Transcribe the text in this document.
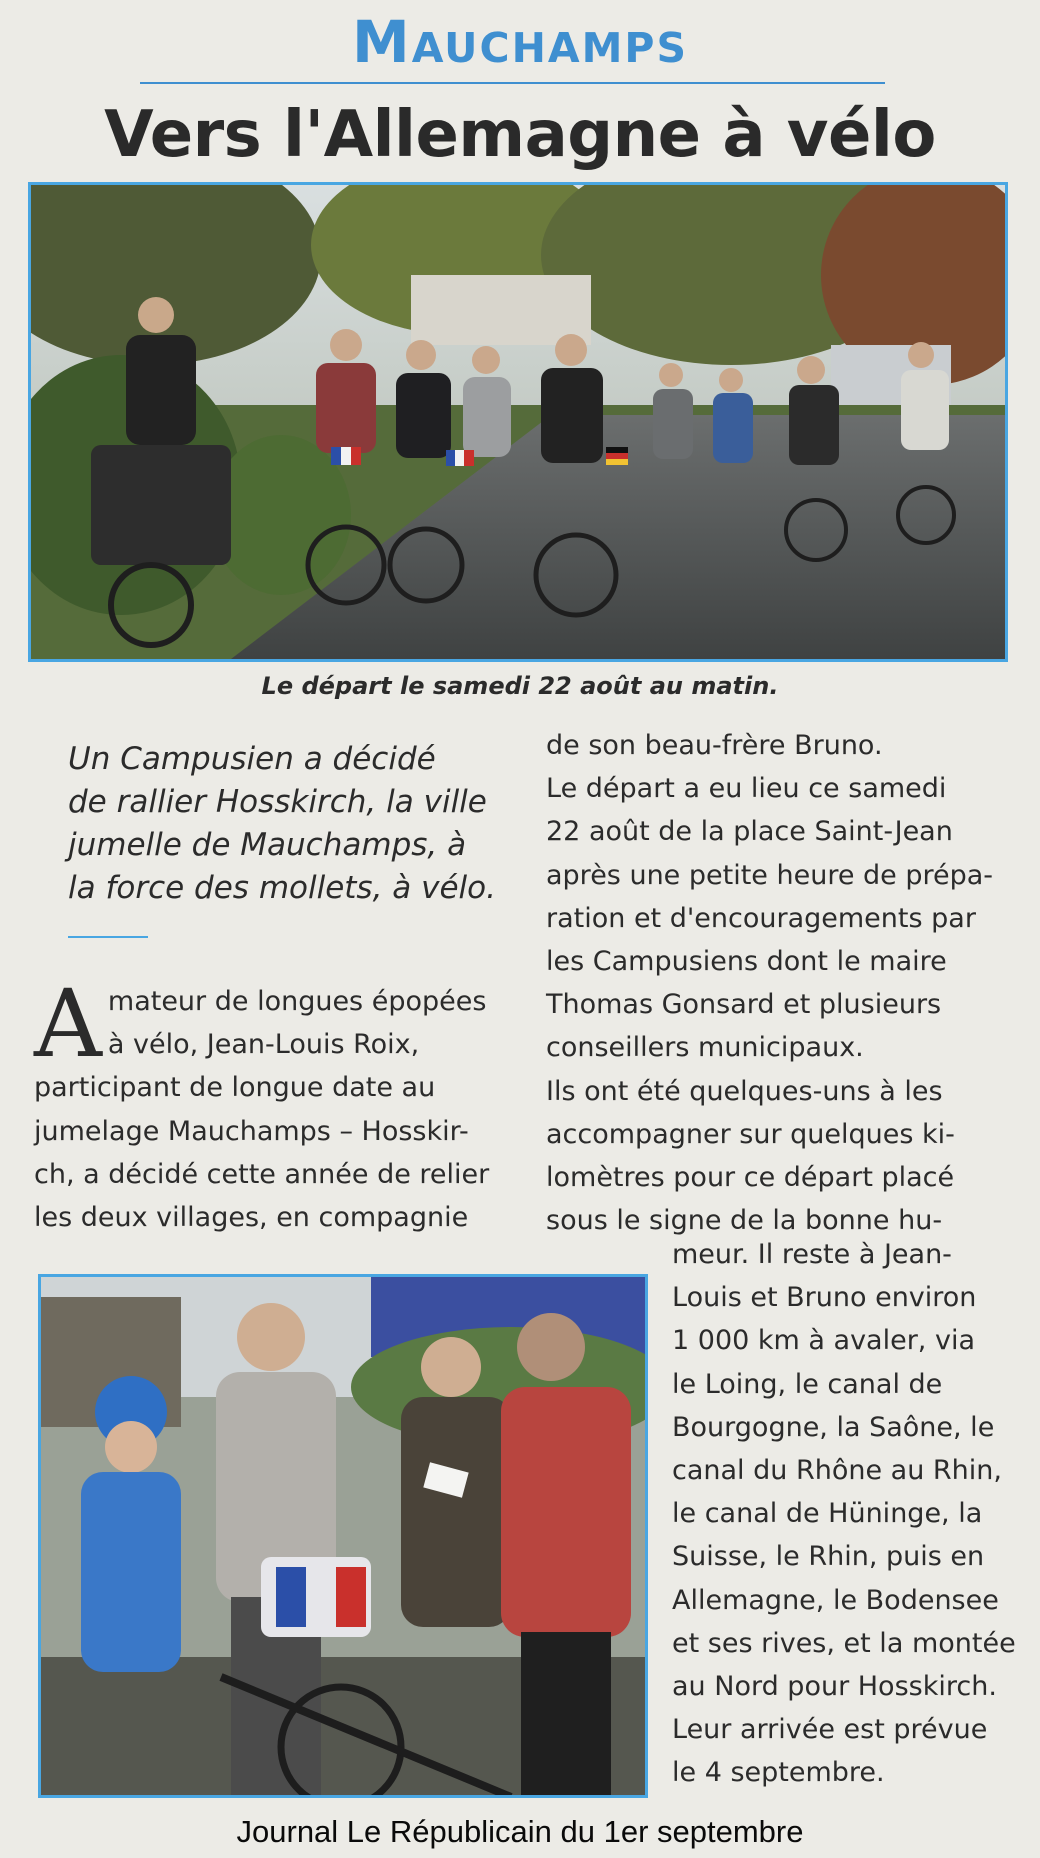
Mauchamps
Vers l'Allemagne à vélo
Le départ le samedi 22 août au matin.
Un Campusien a décidé
de rallier Hosskirch, la ville
jumelle de Mauchamps, à
la force des mollets, à vélo.
A mateur de longues épopées
à vélo, Jean-Louis Roix,
participant de longue date au
jumelage Mauchamps – Hosskir-
ch, a décidé cette année de relier
les deux villages, en compagnie
de son beau-frère Bruno.
Le départ a eu lieu ce samedi
22 août de la place Saint-Jean
après une petite heure de prépa-
ration et d'encouragements par
les Campusiens dont le maire
Thomas Gonsard et plusieurs
conseillers municipaux.
Ils ont été quelques-uns à les
accompagner sur quelques ki-
lomètres pour ce départ placé
sous le signe de la bonne hu-
meur. Il reste à Jean-
Louis et Bruno environ
1 000 km à avaler, via
le Loing, le canal de
Bourgogne, la Saône, le
canal du Rhône au Rhin,
le canal de Hüninge, la
Suisse, le Rhin, puis en
Allemagne, le Bodensee
et ses rives, et la montée
au Nord pour Hosskirch.
Leur arrivée est prévue
le 4 septembre.
Journal Le Républicain du 1er septembre
